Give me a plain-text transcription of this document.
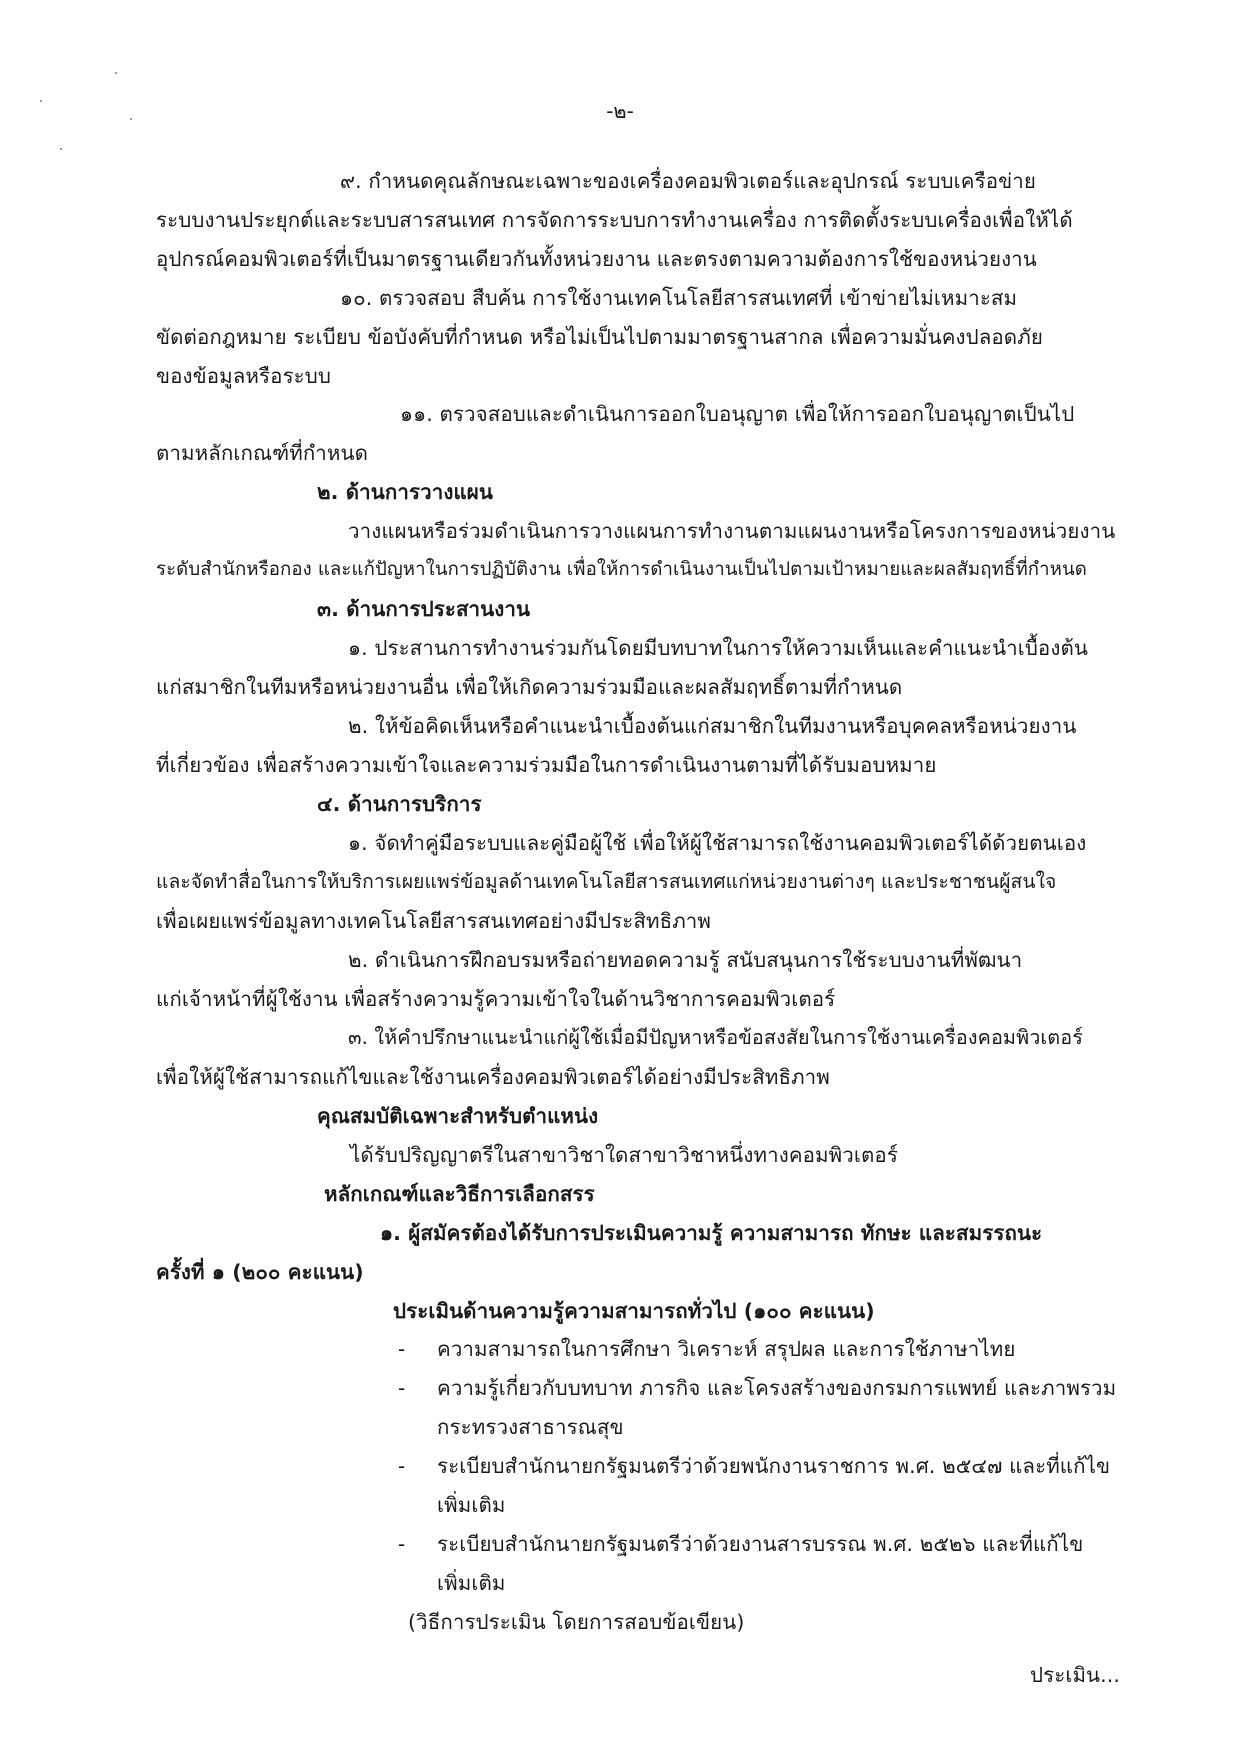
-๒-
๙. กำหนดคุณลักษณะเฉพาะของเครื่องคอมพิวเตอร์และอุปกรณ์ ระบบเครือข่าย
ระบบงานประยุกต์และระบบสารสนเทศ การจัดการระบบการทำงานเครื่อง การติดตั้งระบบเครื่องเพื่อให้ได้
อุปกรณ์คอมพิวเตอร์ที่เป็นมาตรฐานเดียวกันทั้งหน่วยงาน และตรงตามความต้องการใช้ของหน่วยงาน
๑๐. ตรวจสอบ สืบค้น การใช้งานเทคโนโลยีสารสนเทศที่ เข้าข่ายไม่เหมาะสม
ขัดต่อกฎหมาย ระเบียบ ข้อบังคับที่กำหนด หรือไม่เป็นไปตามมาตรฐานสากล เพื่อความมั่นคงปลอดภัย
ของข้อมูลหรือระบบ
๑๑. ตรวจสอบและดำเนินการออกใบอนุญาต เพื่อให้การออกใบอนุญาตเป็นไป
ตามหลักเกณฑ์ที่กำหนด
๒. ด้านการวางแผน
วางแผนหรือร่วมดำเนินการวางแผนการทำงานตามแผนงานหรือโครงการของหน่วยงาน
ระดับสำนักหรือกอง และแก้ปัญหาในการปฏิบัติงาน เพื่อให้การดำเนินงานเป็นไปตามเป้าหมายและผลสัมฤทธิ์ที่กำหนด
๓. ด้านการประสานงาน
๑. ประสานการทำงานร่วมกันโดยมีบทบาทในการให้ความเห็นและคำแนะนำเบื้องต้น
แก่สมาชิกในทีมหรือหน่วยงานอื่น เพื่อให้เกิดความร่วมมือและผลสัมฤทธิ์ตามที่กำหนด
๒. ให้ข้อคิดเห็นหรือคำแนะนำเบื้องต้นแก่สมาชิกในทีมงานหรือบุคคลหรือหน่วยงาน
ที่เกี่ยวข้อง เพื่อสร้างความเข้าใจและความร่วมมือในการดำเนินงานตามที่ได้รับมอบหมาย
๔. ด้านการบริการ
๑. จัดทำคู่มือระบบและคู่มือผู้ใช้ เพื่อให้ผู้ใช้สามารถใช้งานคอมพิวเตอร์ได้ด้วยตนเอง
และจัดทำสื่อในการให้บริการเผยแพร่ข้อมูลด้านเทคโนโลยีสารสนเทศแก่หน่วยงานต่างๆ และประชาชนผู้สนใจ
เพื่อเผยแพร่ข้อมูลทางเทคโนโลยีสารสนเทศอย่างมีประสิทธิภาพ
๒. ดำเนินการฝึกอบรมหรือถ่ายทอดความรู้ สนับสนุนการใช้ระบบงานที่พัฒนา
แก่เจ้าหน้าที่ผู้ใช้งาน เพื่อสร้างความรู้ความเข้าใจในด้านวิชาการคอมพิวเตอร์
๓. ให้คำปรึกษาแนะนำแก่ผู้ใช้เมื่อมีปัญหาหรือข้อสงสัยในการใช้งานเครื่องคอมพิวเตอร์
เพื่อให้ผู้ใช้สามารถแก้ไขและใช้งานเครื่องคอมพิวเตอร์ได้อย่างมีประสิทธิภาพ
คุณสมบัติเฉพาะสำหรับตำแหน่ง
ได้รับปริญญาตรีในสาขาวิชาใดสาขาวิชาหนึ่งทางคอมพิวเตอร์
หลักเกณฑ์และวิธีการเลือกสรร
๑. ผู้สมัครต้องได้รับการประเมินความรู้ ความสามารถ ทักษะ และสมรรถนะ
ครั้งที่ ๑ (๒๐๐ คะแนน)
ประเมินด้านความรู้ความสามารถทั่วไป (๑๐๐ คะแนน)
- ความสามารถในการศึกษา วิเคราะห์ สรุปผล และการใช้ภาษาไทย
- ความรู้เกี่ยวกับบทบาท ภารกิจ และโครงสร้างของกรมการแพทย์ และภาพรวม
กระทรวงสาธารณสุข
- ระเบียบสำนักนายกรัฐมนตรีว่าด้วยพนักงานราชการ พ.ศ. ๒๕๔๗ และที่แก้ไข
เพิ่มเติม
- ระเบียบสำนักนายกรัฐมนตรีว่าด้วยงานสารบรรณ พ.ศ. ๒๕๒๖ และที่แก้ไข
เพิ่มเติม
(วิธีการประเมิน โดยการสอบข้อเขียน)
ประเมิน...
